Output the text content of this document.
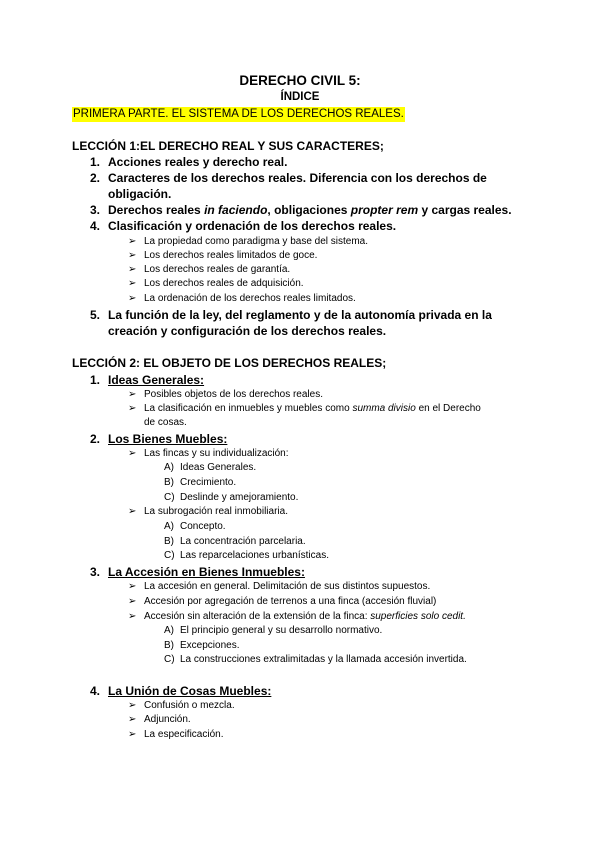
DERECHO CIVIL 5:
ÍNDICE
PRIMERA PARTE. EL SISTEMA DE LOS DERECHOS REALES.
LECCIÓN 1:EL DERECHO REAL Y SUS CARACTERES;
1. Acciones reales y derecho real.
2. Caracteres de los derechos reales. Diferencia con los derechos de
obligación.
3. Derechos reales in faciendo, obligaciones propter rem y cargas reales.
4. Clasificación y ordenación de los derechos reales.
➢ La propiedad como paradigma y base del sistema.
➢ Los derechos reales limitados de goce.
➢ Los derechos reales de garantía.
➢ Los derechos reales de adquisición.
➢ La ordenación de los derechos reales limitados.
5. La función de la ley, del reglamento y de la autonomía privada en la
creación y configuración de los derechos reales.
LECCIÓN 2: EL OBJETO DE LOS DERECHOS REALES;
1. Ideas Generales:
➢ Posibles objetos de los derechos reales.
➢ La clasificación en inmuebles y muebles como summa divisio en el Derecho
de cosas.
2. Los Bienes Muebles:
➢ Las fincas y su individualización:
A) Ideas Generales.
B) Crecimiento.
C) Deslinde y amejoramiento.
➢ La subrogación real inmobiliaria.
A) Concepto.
B) La concentración parcelaria.
C) Las reparcelaciones urbanísticas.
3. La Accesión en Bienes Inmuebles:
➢ La accesión en general. Delimitación de sus distintos supuestos.
➢ Accesión por agregación de terrenos a una finca (accesión fluvial)
➢ Accesión sin alteración de la extensión de la finca: superficies solo cedit.
A) El principio general y su desarrollo normativo.
B) Excepciones.
C) La construcciones extralimitadas y la llamada accesión invertida.
4. La Unión de Cosas Muebles:
➢ Confusión o mezcla.
➢ Adjunción.
➢ La especificación.
